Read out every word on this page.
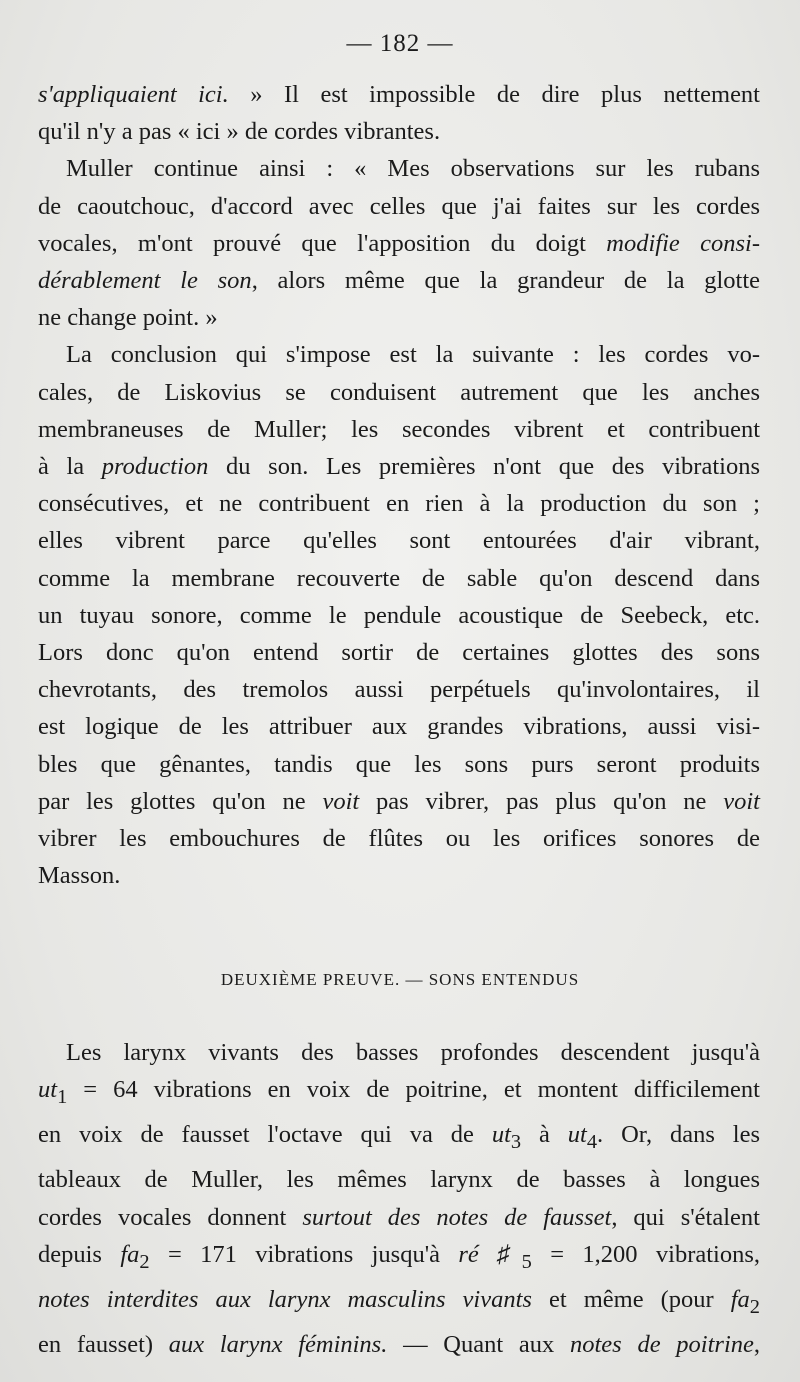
— 182 —
s'appliquaient ici. » Il est impossible de dire plus nettement
qu'il n'y a pas « ici » de cordes vibrantes.
Muller continue ainsi : « Mes observations sur les rubans
de caoutchouc, d'accord avec celles que j'ai faites sur les cordes
vocales, m'ont prouvé que l'apposition du doigt modifie consi-
dérablement le son, alors même que la grandeur de la glotte
ne change point. »
La conclusion qui s'impose est la suivante : les cordes vo-
cales, de Liskovius se conduisent autrement que les anches
membraneuses de Muller; les secondes vibrent et contribuent
à la production du son. Les premières n'ont que des vibrations
consécutives, et ne contribuent en rien à la production du son ;
elles vibrent parce qu'elles sont entourées d'air vibrant,
comme la membrane recouverte de sable qu'on descend dans
un tuyau sonore, comme le pendule acoustique de Seebeck, etc.
Lors donc qu'on entend sortir de certaines glottes des sons
chevrotants, des tremolos aussi perpétuels qu'involontaires, il
est logique de les attribuer aux grandes vibrations, aussi visi-
bles que gênantes, tandis que les sons purs seront produits
par les glottes qu'on ne voit pas vibrer, pas plus qu'on ne voit
vibrer les embouchures de flûtes ou les orifices sonores de
Masson.
DEUXIÈME PREUVE. — SONS ENTENDUS
Les larynx vivants des basses profondes descendent jusqu'à
$ut_1 = 64$ vibrations en voix de poitrine, et montent difficilement
en voix de fausset l'octave qui va de $ut_3$ à $ut_4$. Or, dans les
tableaux de Muller, les mêmes larynx de basses à longues
cordes vocales donnent surtout des notes de fausset, qui s'étalent
depuis $fa_2 = 171$ vibrations jusqu'à ré $♯_5 = 1,200$ vibrations,
notes interdites aux larynx masculins vivants et même (pour $fa_2$
en fausset) aux larynx féminins. — Quant aux notes de poitrine,
